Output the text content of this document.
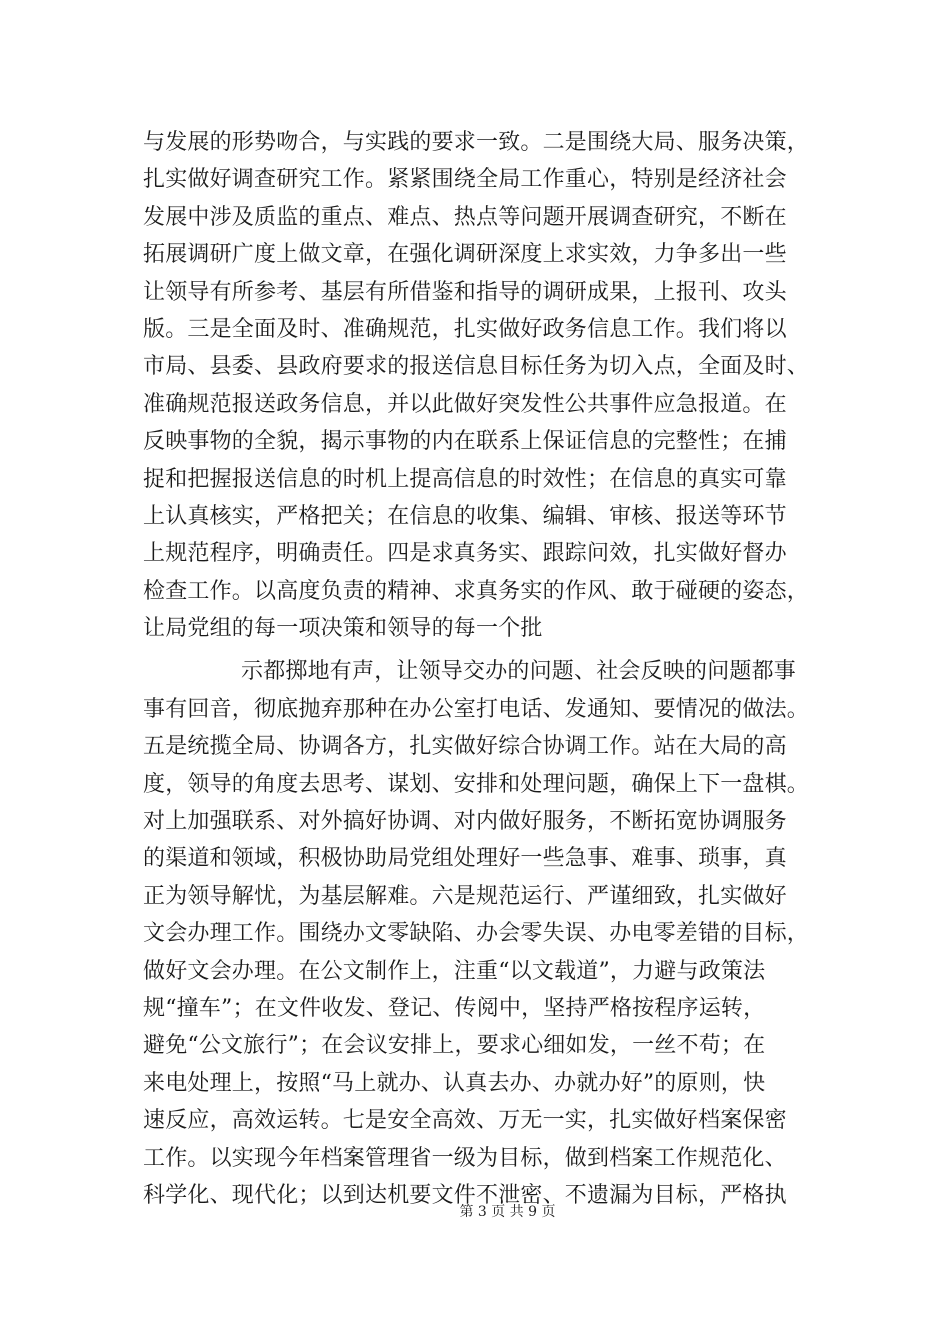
与发展的形势吻合，与实践的要求一致。二是围绕大局、服务决策，
扎实做好调查研究工作。紧紧围绕全局工作重心，特别是经济社会
发展中涉及质监的重点、难点、热点等问题开展调查研究，不断在
拓展调研广度上做文章，在强化调研深度上求实效，力争多出一些
让领导有所参考、基层有所借鉴和指导的调研成果，上报刊、攻头
版。三是全面及时、准确规范，扎实做好政务信息工作。我们将以
市局、县委、县政府要求的报送信息目标任务为切入点，全面及时、
准确规范报送政务信息，并以此做好突发性公共事件应急报道。在
反映事物的全貌，揭示事物的内在联系上保证信息的完整性；在捕
捉和把握报送信息的时机上提高信息的时效性；在信息的真实可靠
上认真核实，严格把关；在信息的收集、编辑、审核、报送等环节
上规范程序，明确责任。四是求真务实、跟踪问效，扎实做好督办
检查工作。以高度负责的精神、求真务实的作风、敢于碰硬的姿态，
让局党组的每一项决策和领导的每一个批
示都掷地有声，让领导交办的问题、社会反映的问题都事
事有回音，彻底抛弃那种在办公室打电话、发通知、要情况的做法。
五是统揽全局、协调各方，扎实做好综合协调工作。站在大局的高
度，领导的角度去思考、谋划、安排和处理问题，确保上下一盘棋。
对上加强联系、对外搞好协调、对内做好服务，不断拓宽协调服务
的渠道和领域，积极协助局党组处理好一些急事、难事、琐事，真
正为领导解忧，为基层解难。六是规范运行、严谨细致，扎实做好
文会办理工作。围绕办文零缺陷、办会零失误、办电零差错的目标，
做好文会办理。在公文制作上，注重“以文载道”，力避与政策法
规“撞车”；在文件收发、登记、传阅中，坚持严格按程序运转，
避免“公文旅行”；在会议安排上，要求心细如发，一丝不苟；在
来电处理上，按照“马上就办、认真去办、办就办好”的原则，快
速反应，高效运转。七是安全高效、万无一实，扎实做好档案保密
工作。以实现今年档案管理省一级为目标，做到档案工作规范化、
科学化、现代化；以到达机要文件不泄密、不遗漏为目标，严格执
第 3 页 共 9 页
